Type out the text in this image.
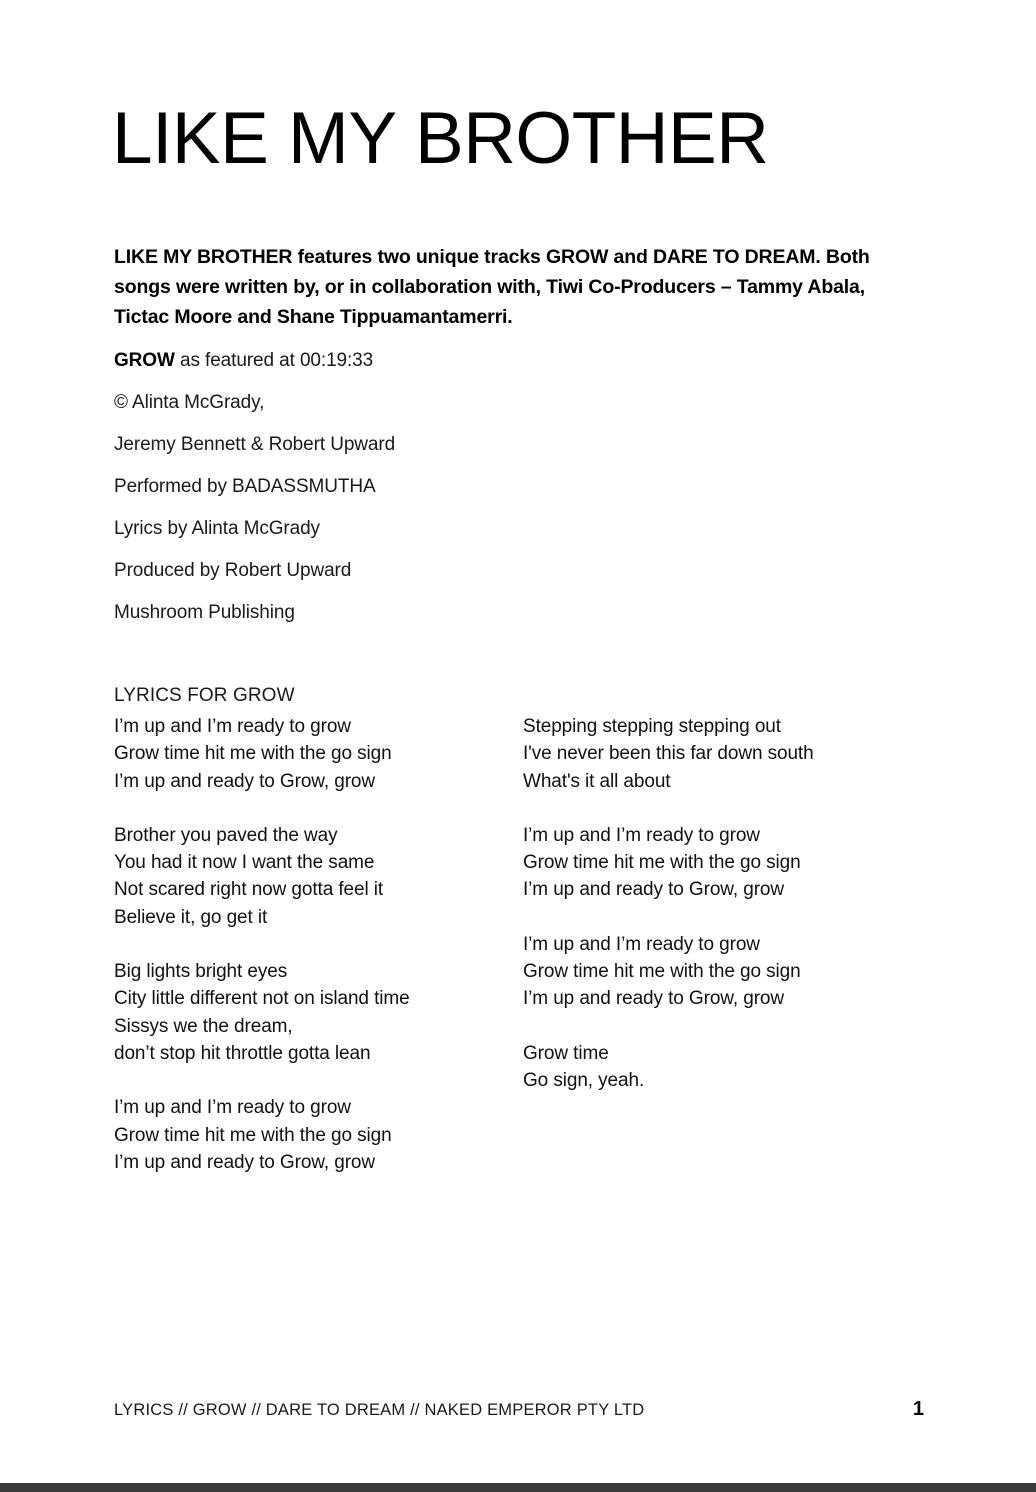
LIKE MY BROTHER

LIKE MY BROTHER features two unique tracks GROW and DARE TO DREAM. Both songs were written by, or in collaboration with, Tiwi Co-Producers – Tammy Abala, Tictac Moore and Shane Tippuamantamerri.

GROW as featured at 00:19:33
© Alinta McGrady,
Jeremy Bennett & Robert Upward
Performed by BADASSMUTHA
Lyrics by Alinta McGrady
Produced by Robert Upward
Mushroom Publishing
LYRICS FOR GROW
I’m up and I’m ready to grow
Grow time hit me with the go sign
I’m up and ready to Grow, grow
Brother you paved the way
You had it now I want the same
Not scared right now gotta feel it
Believe it, go get it
Big lights bright eyes
City little different not on island time
Sissys we the dream,
don’t stop hit throttle gotta lean
I’m up and I’m ready to grow
Grow time hit me with the go sign
I’m up and ready to Grow, grow
Stepping stepping stepping out
I've never been this far down south
What's it all about
I’m up and I’m ready to grow
Grow time hit me with the go sign
I’m up and ready to Grow, grow
I’m up and I’m ready to grow
Grow time hit me with the go sign
I’m up and ready to Grow, grow
Grow time
Go sign, yeah.
LYRICS // GROW // DARE TO DREAM // NAKED EMPEROR PTY LTD	1
